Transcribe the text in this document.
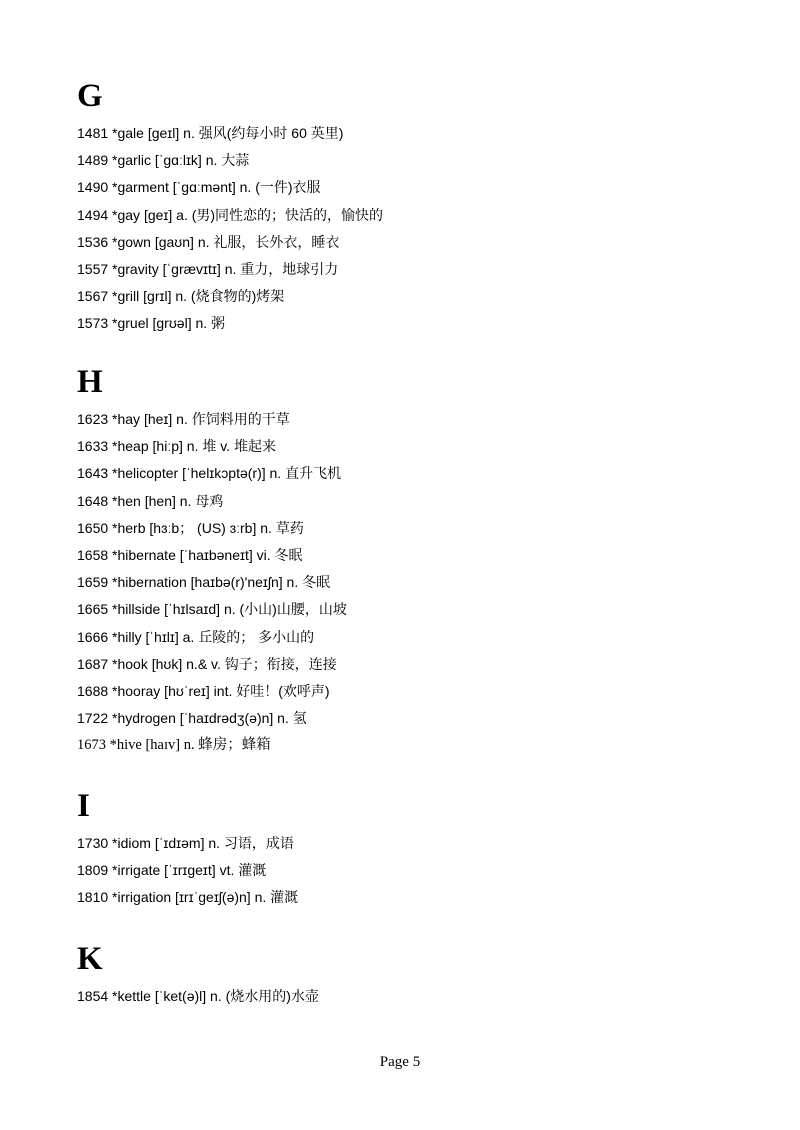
G
1481 *gale [geɪl] n. 强风(约每小时 60 英里)
1489 *garlic [ˈɡɑːlɪk] n. 大蒜
1490 *garment [ˈɡɑːmənt] n. (一件)衣服
1494 *gay [geɪ] a. (男)同性恋的；快活的，愉快的
1536 *gown [ɡaʊn] n. 礼服，长外衣，睡衣
1557 *gravity [ˈɡrævɪtɪ] n. 重力，地球引力
1567 *grill [ɡrɪl] n. (烧食物的)烤架
1573 *gruel [ɡrʊəl] n. 粥
H
1623 *hay [heɪ] n. 作饲料用的干草
1633 *heap [hiːp] n. 堆 v. 堆起来
1643 *helicopter [ˈhelɪkɔptə(r)] n. 直升飞机
1648 *hen [hen] n. 母鸡
1650 *herb [hɜːb； (US) ɜːrb] n. 草药
1658 *hibernate [ˈhaɪbəneɪt] vi. 冬眠
1659 *hibernation [haɪbə(r)'neɪʃn] n. 冬眠
1665 *hillside [ˈhɪlsaɪd] n. (小山)山腰，山坡
1666 *hilly [ˈhɪlɪ] a. 丘陵的； 多小山的
1687 *hook [hʊk] n.& v. 钩子；衔接，连接
1688 *hooray [hʊˈreɪ] int. 好哇！(欢呼声)
1722 *hydrogen [ˈhaɪdrədʒ(ə)n] n. 氢
1673 *hive [haɪv] n. 蜂房；蜂箱
I
1730 *idiom [ˈɪdɪəm] n. 习语，成语
1809 *irrigate [ˈɪrɪgeɪt] vt. 灌溉
1810 *irrigation [ɪrɪˈgeɪʃ(ə)n] n. 灌溉
K
1854 *kettle [ˈket(ə)l] n. (烧水用的)水壶
Page 5
